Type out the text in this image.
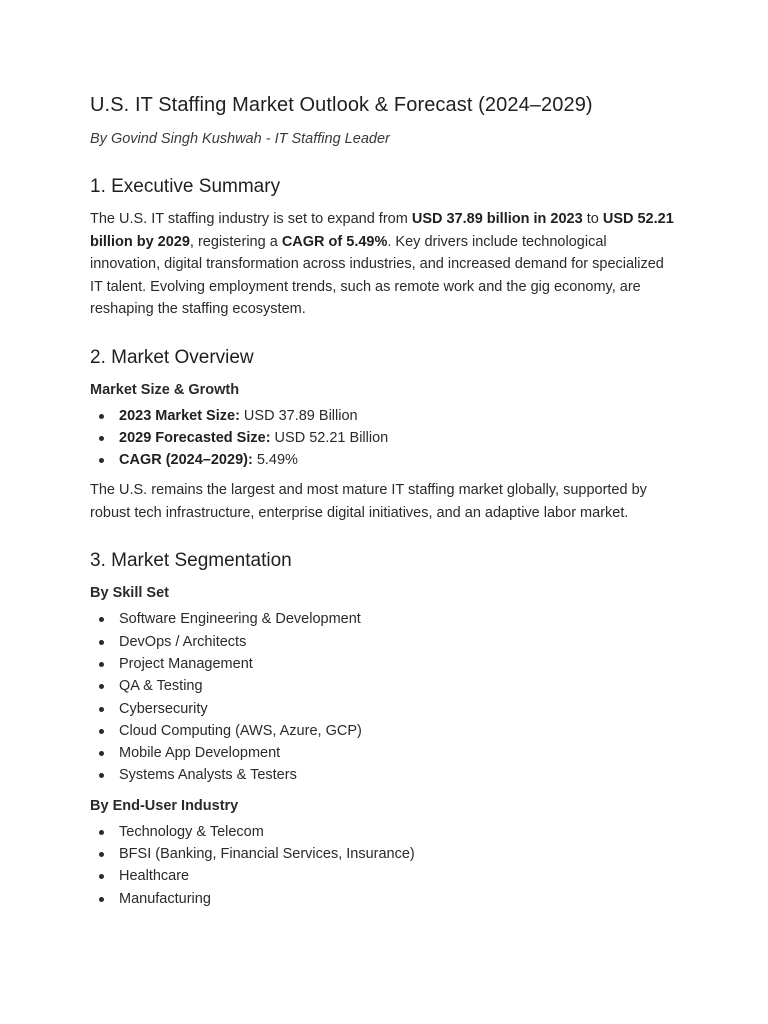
U.S. IT Staffing Market Outlook & Forecast (2024–2029)
By Govind Singh Kushwah - IT Staffing Leader
1. Executive Summary

The U.S. IT staffing industry is set to expand from USD 37.89 billion in 2023 to USD 52.21 billion by 2029, registering a CAGR of 5.49%. Key drivers include technological innovation, digital transformation across industries, and increased demand for specialized IT talent. Evolving employment trends, such as remote work and the gig economy, are reshaping the staffing ecosystem.

2. Market Overview
Market Size & Growth
2023 Market Size: USD 37.89 Billion
2029 Forecasted Size: USD 52.21 Billion
CAGR (2024–2029): 5.49%

The U.S. remains the largest and most mature IT staffing market globally, supported by robust tech infrastructure, enterprise digital initiatives, and an adaptive labor market.

3. Market Segmentation
By Skill Set
Software Engineering & Development
DevOps / Architects
Project Management
QA & Testing
Cybersecurity
Cloud Computing (AWS, Azure, GCP)
Mobile App Development
Systems Analysts & Testers
By End-User Industry
Technology & Telecom
BFSI (Banking, Financial Services, Insurance)
Healthcare
Manufacturing
